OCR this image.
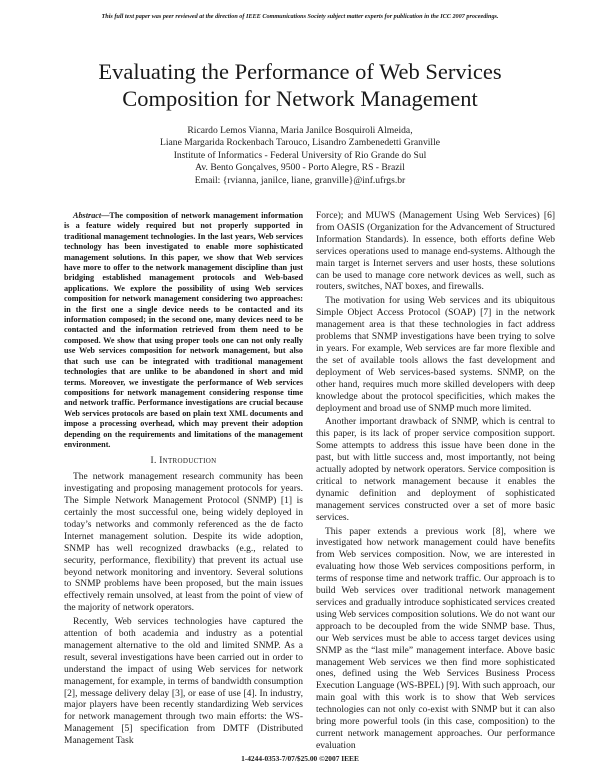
This full text paper was peer reviewed at the direction of IEEE Communications Society subject matter experts for publication in the ICC 2007 proceedings.
Evaluating the Performance of Web Services
Composition for Network Management
Ricardo Lemos Vianna, Maria Janilce Bosquiroli Almeida,
Liane Margarida Rockenbach Tarouco, Lisandro Zambenedetti Granville
Institute of Informatics - Federal University of Rio Grande do Sul
Av. Bento Gonçalves, 9500 - Porto Alegre, RS - Brazil
Email: {rvianna, janilce, liane, granville}@inf.ufrgs.br

Abstract—The composition of network management information is a feature widely required but not properly supported in traditional management technologies. In the last years, Web services technology has been investigated to enable more sophisticated management solutions. In this paper, we show that Web services have more to offer to the network management discipline than just bridging established management protocols and Web-based applications. We explore the possibility of using Web services composition for network management considering two approaches: in the first one a single device needs to be contacted and its information composed; in the second one, many devices need to be contacted and the information retrieved from them need to be composed. We show that using proper tools one can not only really use Web services composition for network management, but also that such use can be integrated with traditional management technologies that are unlike to be abandoned in short and mid terms. Moreover, we investigate the performance of Web services compositions for network management considering response time and network traffic. Performance investigations are crucial because Web services protocols are based on plain text XML documents and impose a processing overhead, which may prevent their adoption depending on the requirements and limitations of the management environment.

I. Introduction

The network management research community has been investigating and proposing management protocols for years. The Simple Network Management Protocol (SNMP) [1] is certainly the most successful one, being widely deployed in today’s networks and commonly referenced as the de facto Internet management solution. Despite its wide adoption, SNMP has well recognized drawbacks (e.g., related to security, performance, flexibility) that prevent its actual use beyond network monitoring and inventory. Several solutions to SNMP problems have been proposed, but the main issues effectively remain unsolved, at least from the point of view of the majority of network operators.

Recently, Web services technologies have captured the attention of both academia and industry as a potential management alternative to the old and limited SNMP. As a result, several investigations have been carried out in order to understand the impact of using Web services for network management, for example, in terms of bandwidth consumption [2], message delivery delay [3], or ease of use [4]. In industry, major players have been recently standardizing Web services for network management through two main efforts: the WS-Management [5] specification from DMTF (Distributed Management Task

Force); and MUWS (Management Using Web Services) [6] from OASIS (Organization for the Advancement of Structured Information Standards). In essence, both efforts define Web services operations used to manage end-systems. Although the main target is Internet servers and user hosts, these solutions can be used to manage core network devices as well, such as routers, switches, NAT boxes, and firewalls.

The motivation for using Web services and its ubiquitous Simple Object Access Protocol (SOAP) [7] in the network management area is that these technologies in fact address problems that SNMP investigations have been trying to solve in years. For example, Web services are far more flexible and the set of available tools allows the fast development and deployment of Web services-based systems. SNMP, on the other hand, requires much more skilled developers with deep knowledge about the protocol specificities, which makes the deployment and broad use of SNMP much more limited.

Another important drawback of SNMP, which is central to this paper, is its lack of proper service composition support. Some attempts to address this issue have been done in the past, but with little success and, most importantly, not being actually adopted by network operators. Service composition is critical to network management because it enables the dynamic definition and deployment of sophisticated management services constructed over a set of more basic services.

This paper extends a previous work [8], where we investigated how network management could have benefits from Web services composition. Now, we are interested in evaluating how those Web services compositions perform, in terms of response time and network traffic. Our approach is to build Web services over traditional network management services and gradually introduce sophisticated services created using Web services composition solutions. We do not want our approach to be decoupled from the wide SNMP base. Thus, our Web services must be able to access target devices using SNMP as the “last mile” management interface. Above basic management Web services we then find more sophisticated ones, defined using the Web Services Business Process Execution Language (WS-BPEL) [9]. With such approach, our main goal with this work is to show that Web services technologies can not only co-exist with SNMP but it can also bring more powerful tools (in this case, composition) to the current network management approaches. Our performance evaluation

1-4244-0353-7/07/$25.00 ©2007 IEEE
